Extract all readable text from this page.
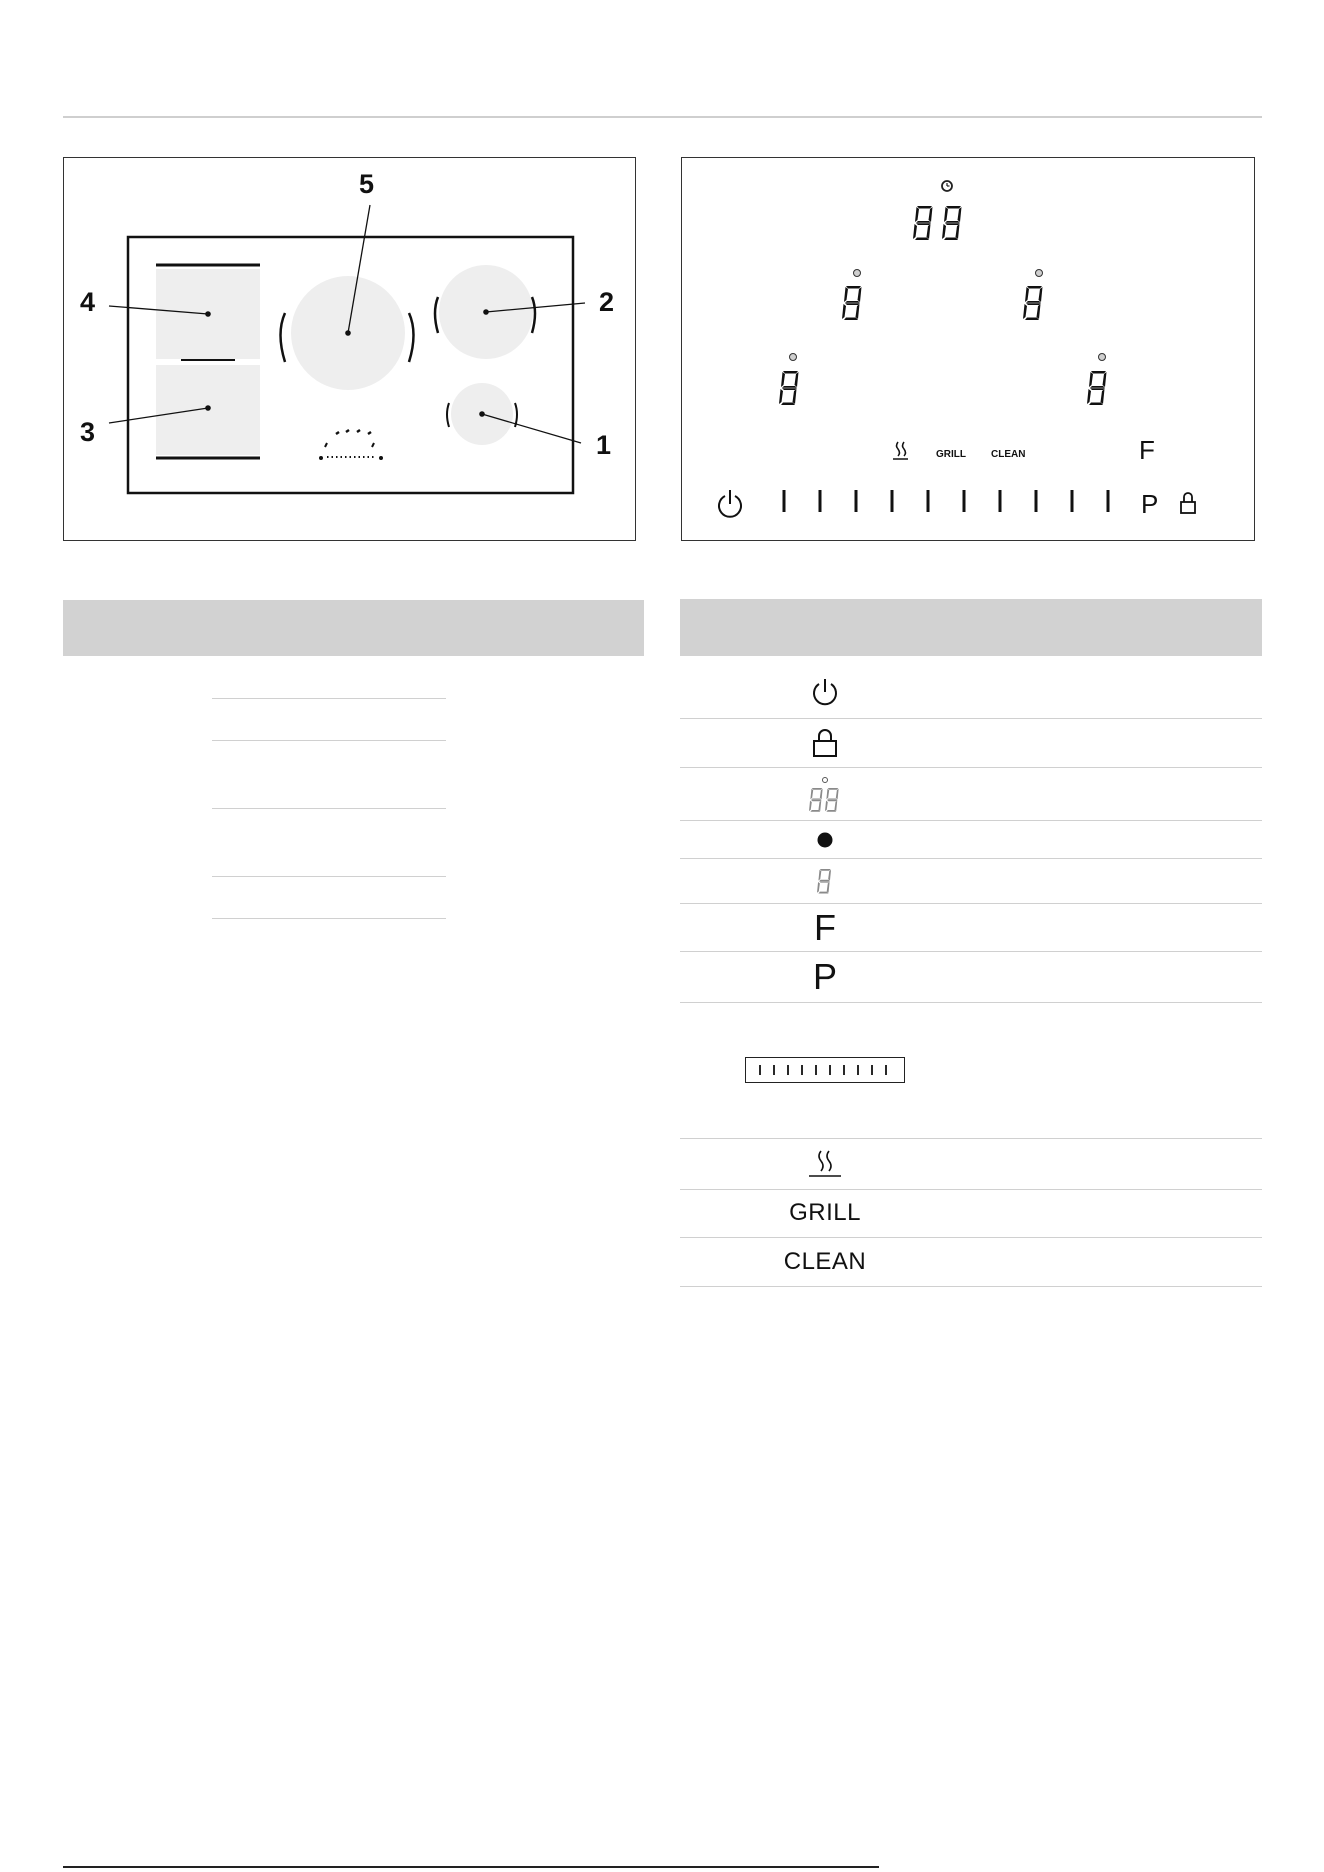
5
2
1
4
3
GRILL	CLEAN	F
P
F
P
GRILL
CLEAN
